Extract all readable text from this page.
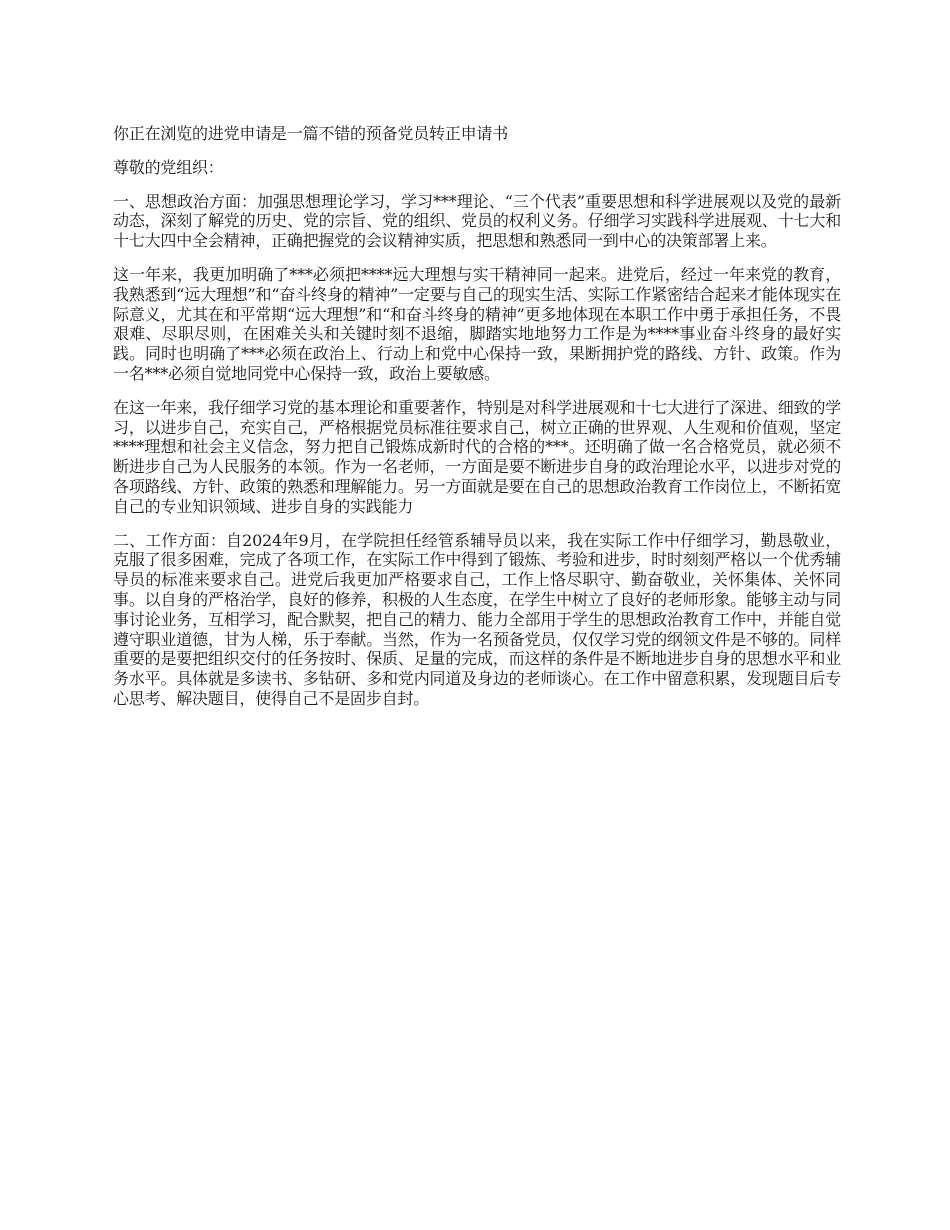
你正在浏览的进党申请是一篇不错的预备党员转正申请书

尊敬的党组织：

一、思想政治方面：加强思想理论学习，学习***理论、“三个代表”重要思想和科学进展观以及党的最新动态，深刻了解党的历史、党的宗旨、党的组织、党员的权利义务。仔细学习实践科学进展观、十七大和十七大四中全会精神，正确把握党的会议精神实质，把思想和熟悉同一到中心的决策部署上来。

这一年来，我更加明确了***必须把****远大理想与实干精神同一起来。进党后，经过一年来党的教育，我熟悉到“远大理想”和“奋斗终身的精神”一定要与自己的现实生活、实际工作紧密结合起来才能体现实在际意义，尤其在和平常期“远大理想”和“和奋斗终身的精神”更多地体现在本职工作中勇于承担任务，不畏艰难、尽职尽则，在困难关头和关键时刻不退缩，脚踏实地地努力工作是为****事业奋斗终身的最好实践。同时也明确了***必须在政治上、行动上和党中心保持一致，果断拥护党的路线、方针、政策。作为一名***必须自觉地同党中心保持一致，政治上要敏感。

在这一年来，我仔细学习党的基本理论和重要著作，特别是对科学进展观和十七大进行了深进、细致的学习，以进步自己，充实自己，严格根据党员标准往要求自己，树立正确的世界观、人生观和价值观，坚定****理想和社会主义信念，努力把自己锻炼成新时代的合格的***。还明确了做一名合格党员，就必须不断进步自己为人民服务的本领。作为一名老师，一方面是要不断进步自身的政治理论水平，以进步对党的各项路线、方针、政策的熟悉和理解能力。另一方面就是要在自己的思想政治教育工作岗位上，不断拓宽自己的专业知识领域、进步自身的实践能力

二、工作方面：自2024年9月，在学院担任经管系辅导员以来，我在实际工作中仔细学习，勤恳敬业，克服了很多困难，完成了各项工作，在实际工作中得到了锻炼、考验和进步，时时刻刻严格以一个优秀辅导员的标准来要求自己。进党后我更加严格要求自己，工作上恪尽职守、勤奋敬业，关怀集体、关怀同事。以自身的严格治学，良好的修养，积极的人生态度，在学生中树立了良好的老师形象。能够主动与同事讨论业务，互相学习，配合默契，把自己的精力、能力全部用于学生的思想政治教育工作中，并能自觉遵守职业道德，甘为人梯，乐于奉献。当然，作为一名预备党员，仅仅学习党的纲领文件是不够的。同样重要的是要把组织交付的任务按时、保质、足量的完成，而这样的条件是不断地进步自身的思想水平和业务水平。具体就是多读书、多钻研、多和党内同道及身边的老师谈心。在工作中留意积累，发现题目后专心思考、解决题目，使得自己不是固步自封。
